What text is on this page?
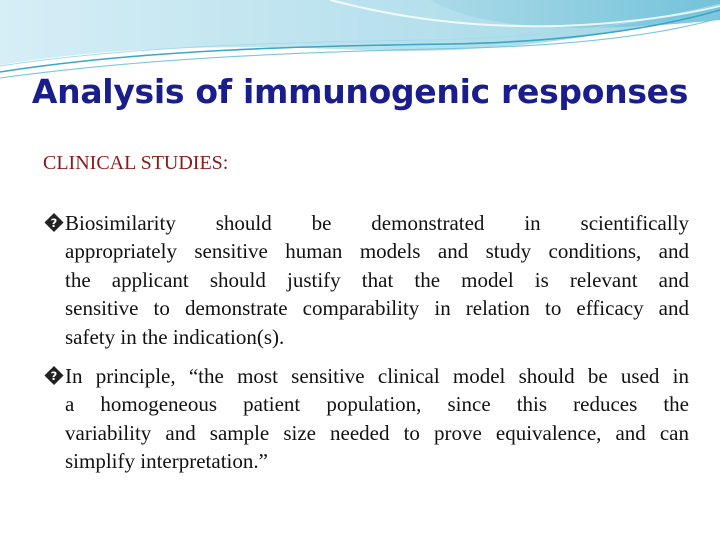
Analysis of immunogenic responses

CLINICAL STUDIES:

? Biosimilarity should be demonstrated in scientifically
appropriately sensitive human models and study conditions, and
the applicant should justify that the model is relevant and
sensitive to demonstrate comparability in relation to efficacy and
safety in the indication(s).
? In principle, “the most sensitive clinical model should be used in
a homogeneous patient population, since this reduces the
variability and sample size needed to prove equivalence, and can
simplify interpretation.”
